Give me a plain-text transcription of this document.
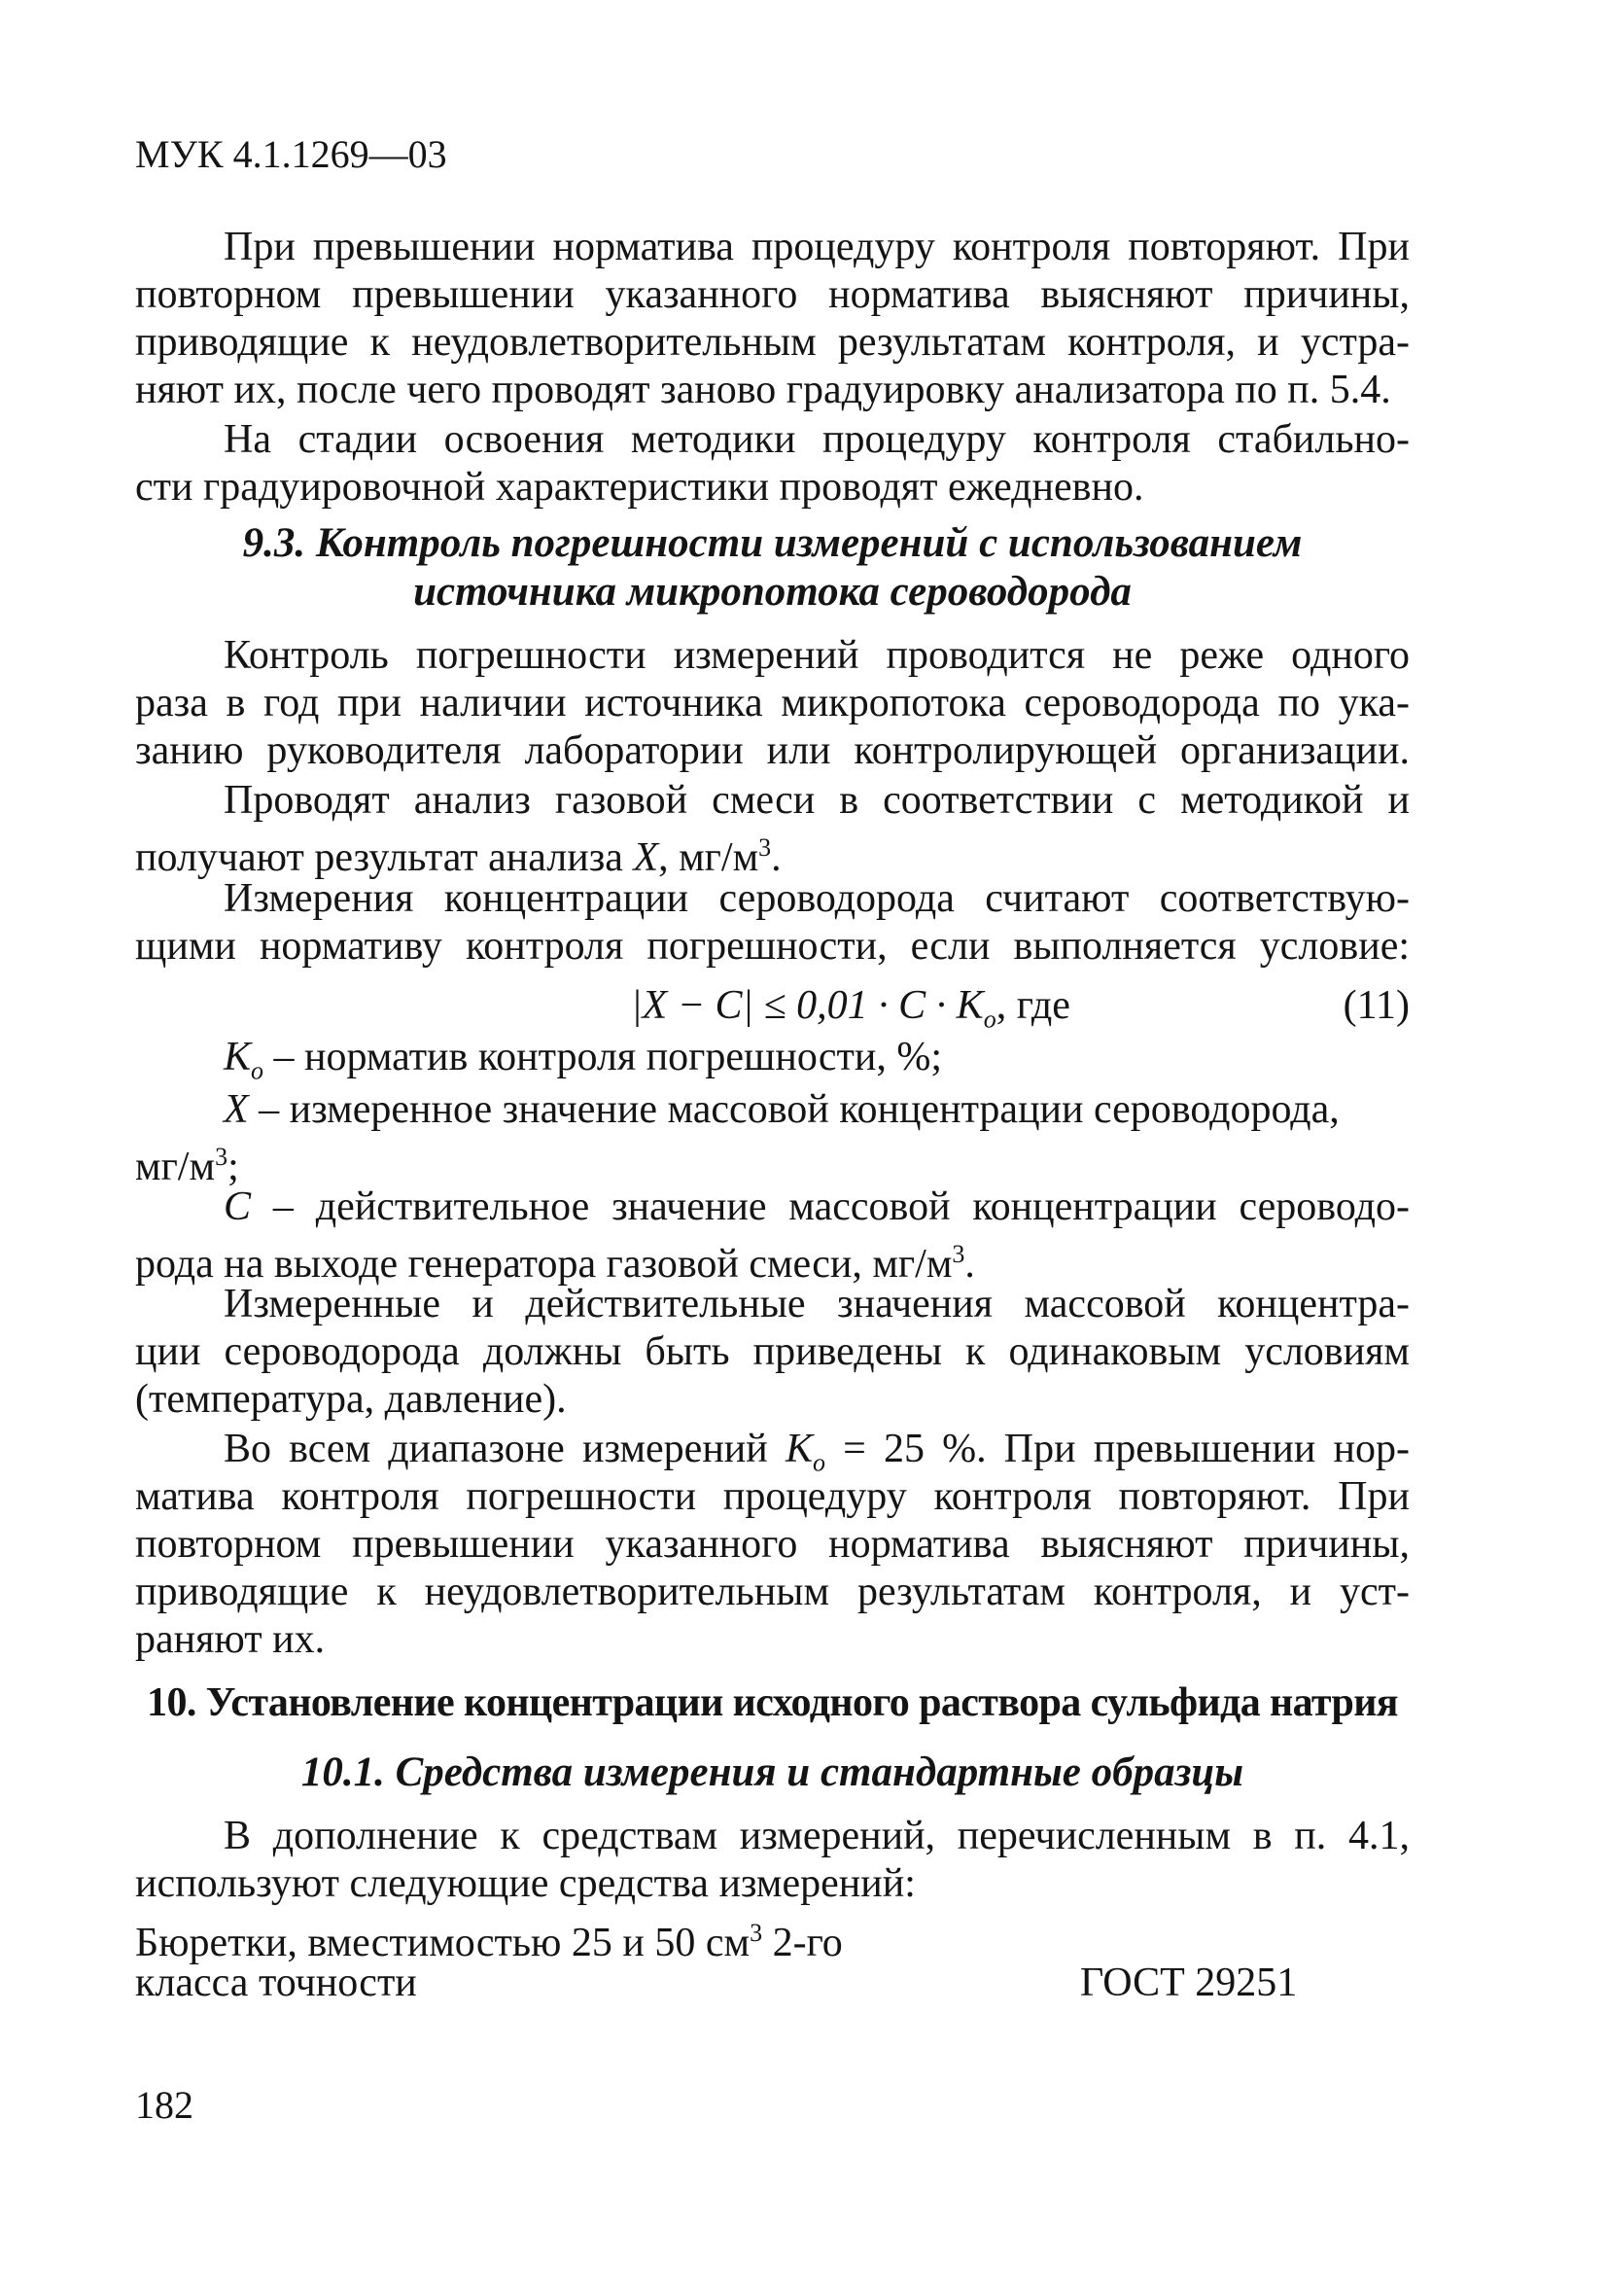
МУК 4.1.1269—03
При превышении норматива процедуру контроля повторяют. При
повторном превышении указанного норматива выясняют причины,
приводящие к неудовлетворительным результатам контроля, и устра-
няют их, после чего проводят заново градуировку анализатора по п. 5.4.
На стадии освоения методики процедуру контроля стабильно-
сти градуировочной характеристики проводят ежедневно.
9.3. Контроль погрешности измерений с использованием
источника микропотока сероводорода
Контроль погрешности измерений проводится не реже одного
раза в год при наличии источника микропотока сероводорода по ука-
занию руководителя лаборатории или контролирующей организации.
Проводят анализ газовой смеси в соответствии с методикой и
получают результат анализа X, $мг/м^3$.
Измерения концентрации сероводорода считают соответствую-
щими нормативу контроля погрешности, если выполняется условие:
$|X - C| \le 0,01 \cdot C \cdot K_o$, где	(11)
$K_o$ – норматив контроля погрешности, %;
X – измеренное значение массовой концентрации сероводорода,
$мг/м^3$;
C – действительное значение массовой концентрации сероводо-
рода на выходе генератора газовой смеси, $мг/м^3$.
Измеренные и действительные значения массовой концентра-
ции сероводорода должны быть приведены к одинаковым условиям
(температура, давление).
Во всем диапазоне измерений $K_o = 25$ %. При превышении нор-
матива контроля погрешности процедуру контроля повторяют. При
повторном превышении указанного норматива выясняют причины,
приводящие к неудовлетворительным результатам контроля, и уст-
раняют их.
10. Установление концентрации исходного раствора сульфида натрия
10.1. Средства измерения и стандартные образцы
В дополнение к средствам измерений, перечисленным в п. 4.1,
используют следующие средства измерений:
Бюретки, вместимостью 25 и 50 $см^3$ 2-го
класса точности	ГОСТ 29251
182
